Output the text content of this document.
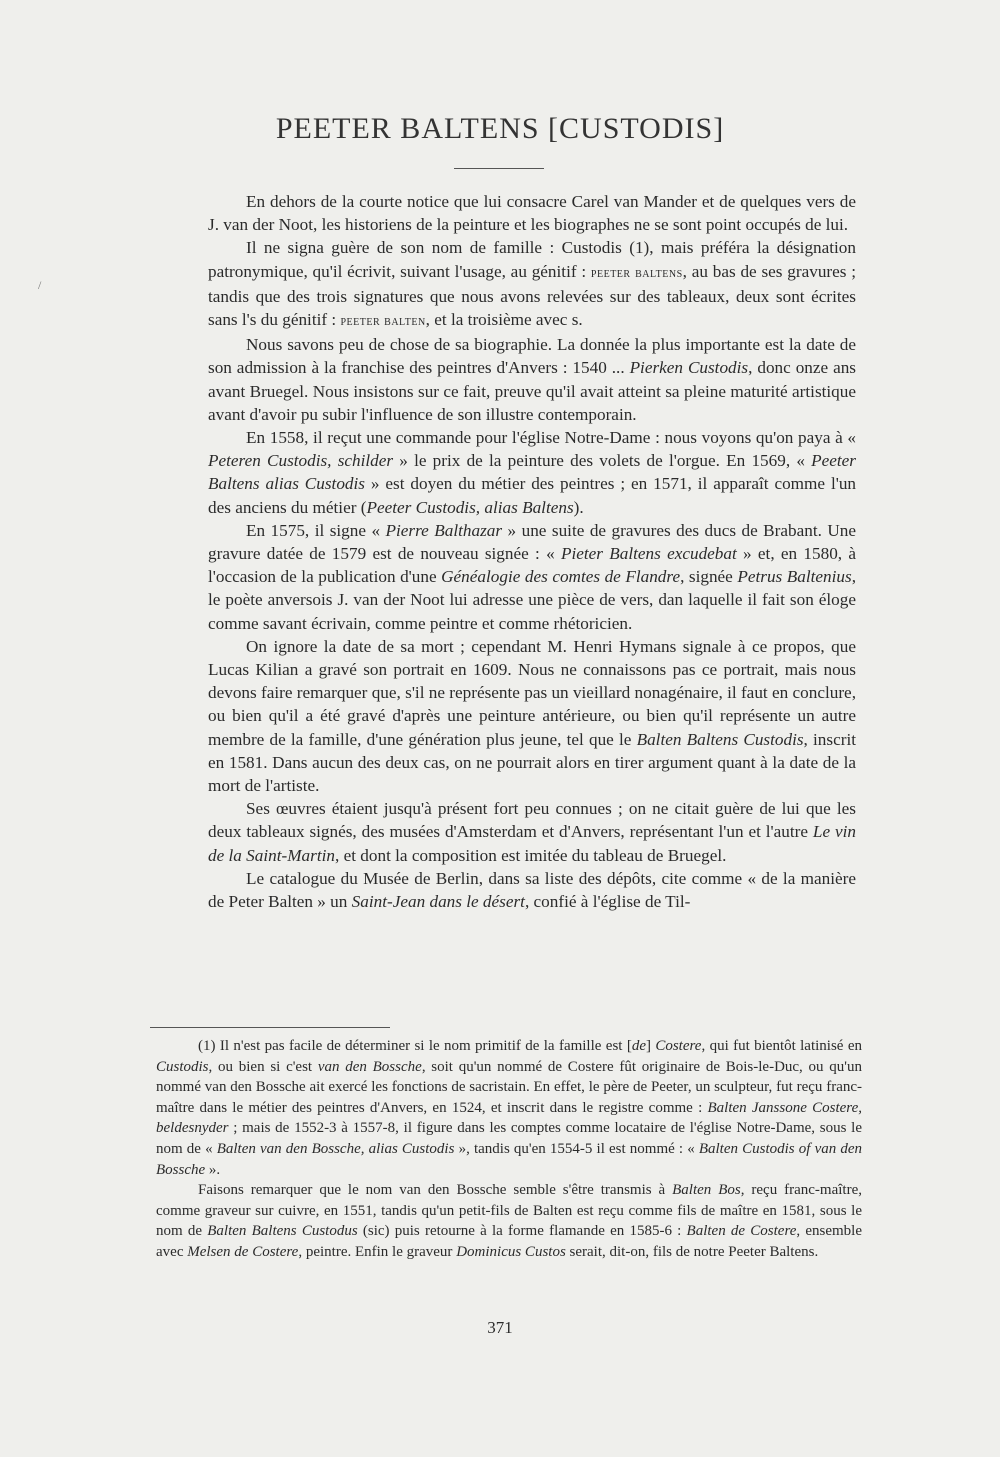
PEETER BALTENS [CUSTODIS]
/

En dehors de la courte notice que lui consacre Carel van Mander et de quelques vers de J. van der Noot, les historiens de la peinture et les biographes ne se sont point occupés de lui.

Il ne signa guère de son nom de famille : Custodis (1), mais préféra la désignation patronymique, qu'il écrivit, suivant l'usage, au génitif : peeter baltens, au bas de ses gravures ; tandis que des trois signatures que nous avons relevées sur des tableaux, deux sont écrites sans l's du génitif : peeter balten, et la troisième avec s.

Nous savons peu de chose de sa biographie. La donnée la plus importante est la date de son admission à la franchise des peintres d'Anvers : 1540 ... Pierken Custodis, donc onze ans avant Bruegel. Nous insistons sur ce fait, preuve qu'il avait atteint sa pleine maturité artistique avant d'avoir pu subir l'influence de son illustre contemporain.

En 1558, il reçut une commande pour l'église Notre-Dame : nous voyons qu'on paya à « Peteren Custodis, schilder » le prix de la peinture des volets de l'orgue. En 1569, « Peeter Baltens alias Custodis » est doyen du métier des peintres ; en 1571, il apparaît comme l'un des anciens du métier (Peeter Custodis, alias Baltens).

En 1575, il signe « Pierre Balthazar » une suite de gravures des ducs de Brabant. Une gravure datée de 1579 est de nouveau signée : « Pieter Baltens excudebat » et, en 1580, à l'occasion de la publication d'une Généalogie des comtes de Flandre, signée Petrus Baltenius, le poète anversois J. van der Noot lui adresse une pièce de vers, dan laquelle il fait son éloge comme savant écrivain, comme peintre et comme rhétoricien.

On ignore la date de sa mort ; cependant M. Henri Hymans signale à ce propos, que Lucas Kilian a gravé son portrait en 1609. Nous ne connaissons pas ce portrait, mais nous devons faire remarquer que, s'il ne représente pas un vieillard nonagénaire, il faut en conclure, ou bien qu'il a été gravé d'après une peinture antérieure, ou bien qu'il représente un autre membre de la famille, d'une génération plus jeune, tel que le Balten Baltens Custodis, inscrit en 1581. Dans aucun des deux cas, on ne pourrait alors en tirer argument quant à la date de la mort de l'artiste.

Ses œuvres étaient jusqu'à présent fort peu connues ; on ne citait guère de lui que les deux tableaux signés, des musées d'Amsterdam et d'Anvers, représentant l'un et l'autre Le vin de la Saint-Martin, et dont la composition est imitée du tableau de Bruegel.

Le catalogue du Musée de Berlin, dans sa liste des dépôts, cite comme « de la manière de Peter Balten » un Saint-Jean dans le désert, confié à l'église de Til-

(1) Il n'est pas facile de déterminer si le nom primitif de la famille est [de] Costere, qui fut bientôt latinisé en Custodis, ou bien si c'est van den Bossche, soit qu'un nommé de Costere fût originaire de Bois-le-Duc, ou qu'un nommé van den Bossche ait exercé les fonctions de sacristain. En effet, le père de Peeter, un sculpteur, fut reçu franc-maître dans le métier des peintres d'Anvers, en 1524, et inscrit dans le registre comme : Balten Janssone Costere, beldesnyder ; mais de 1552-3 à 1557-8, il figure dans les comptes comme locataire de l'église Notre-Dame, sous le nom de « Balten van den Bossche, alias Custodis », tandis qu'en 1554-5 il est nommé : « Balten Custodis of van den Bossche ».

Faisons remarquer que le nom van den Bossche semble s'être transmis à Balten Bos, reçu franc-maître, comme graveur sur cuivre, en 1551, tandis qu'un petit-fils de Balten est reçu comme fils de maître en 1581, sous le nom de Balten Baltens Custodus (sic) puis retourne à la forme flamande en 1585-6 : Balten de Costere, ensemble avec Melsen de Costere, peintre. Enfin le graveur Dominicus Custos serait, dit-on, fils de notre Peeter Baltens.

371
